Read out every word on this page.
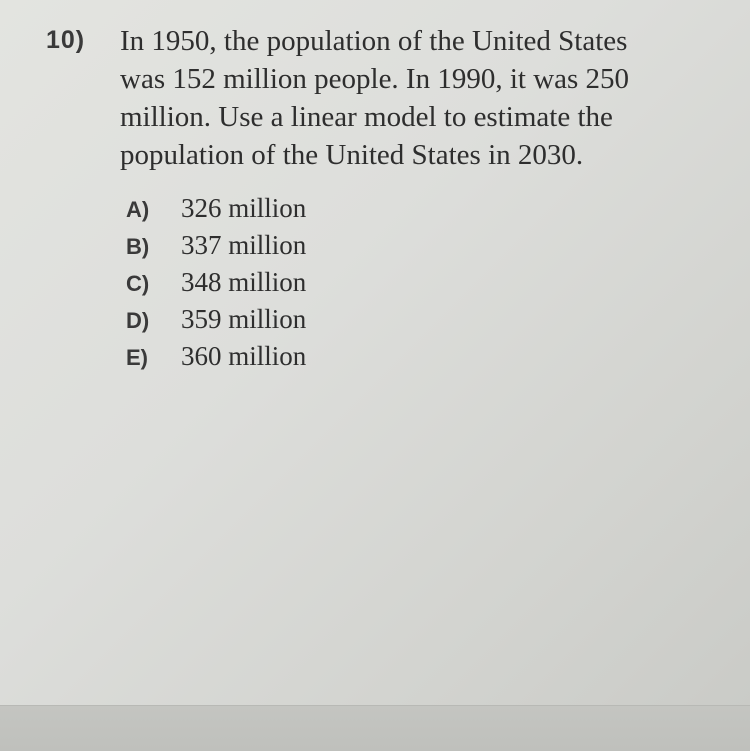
10) In 1950, the population of the United States
was 152 million people. In 1990, it was 250
million. Use a linear model to estimate the
population of the United States in 2030.
A) 326 million
B) 337 million
C) 348 million
D) 359 million
E) 360 million
